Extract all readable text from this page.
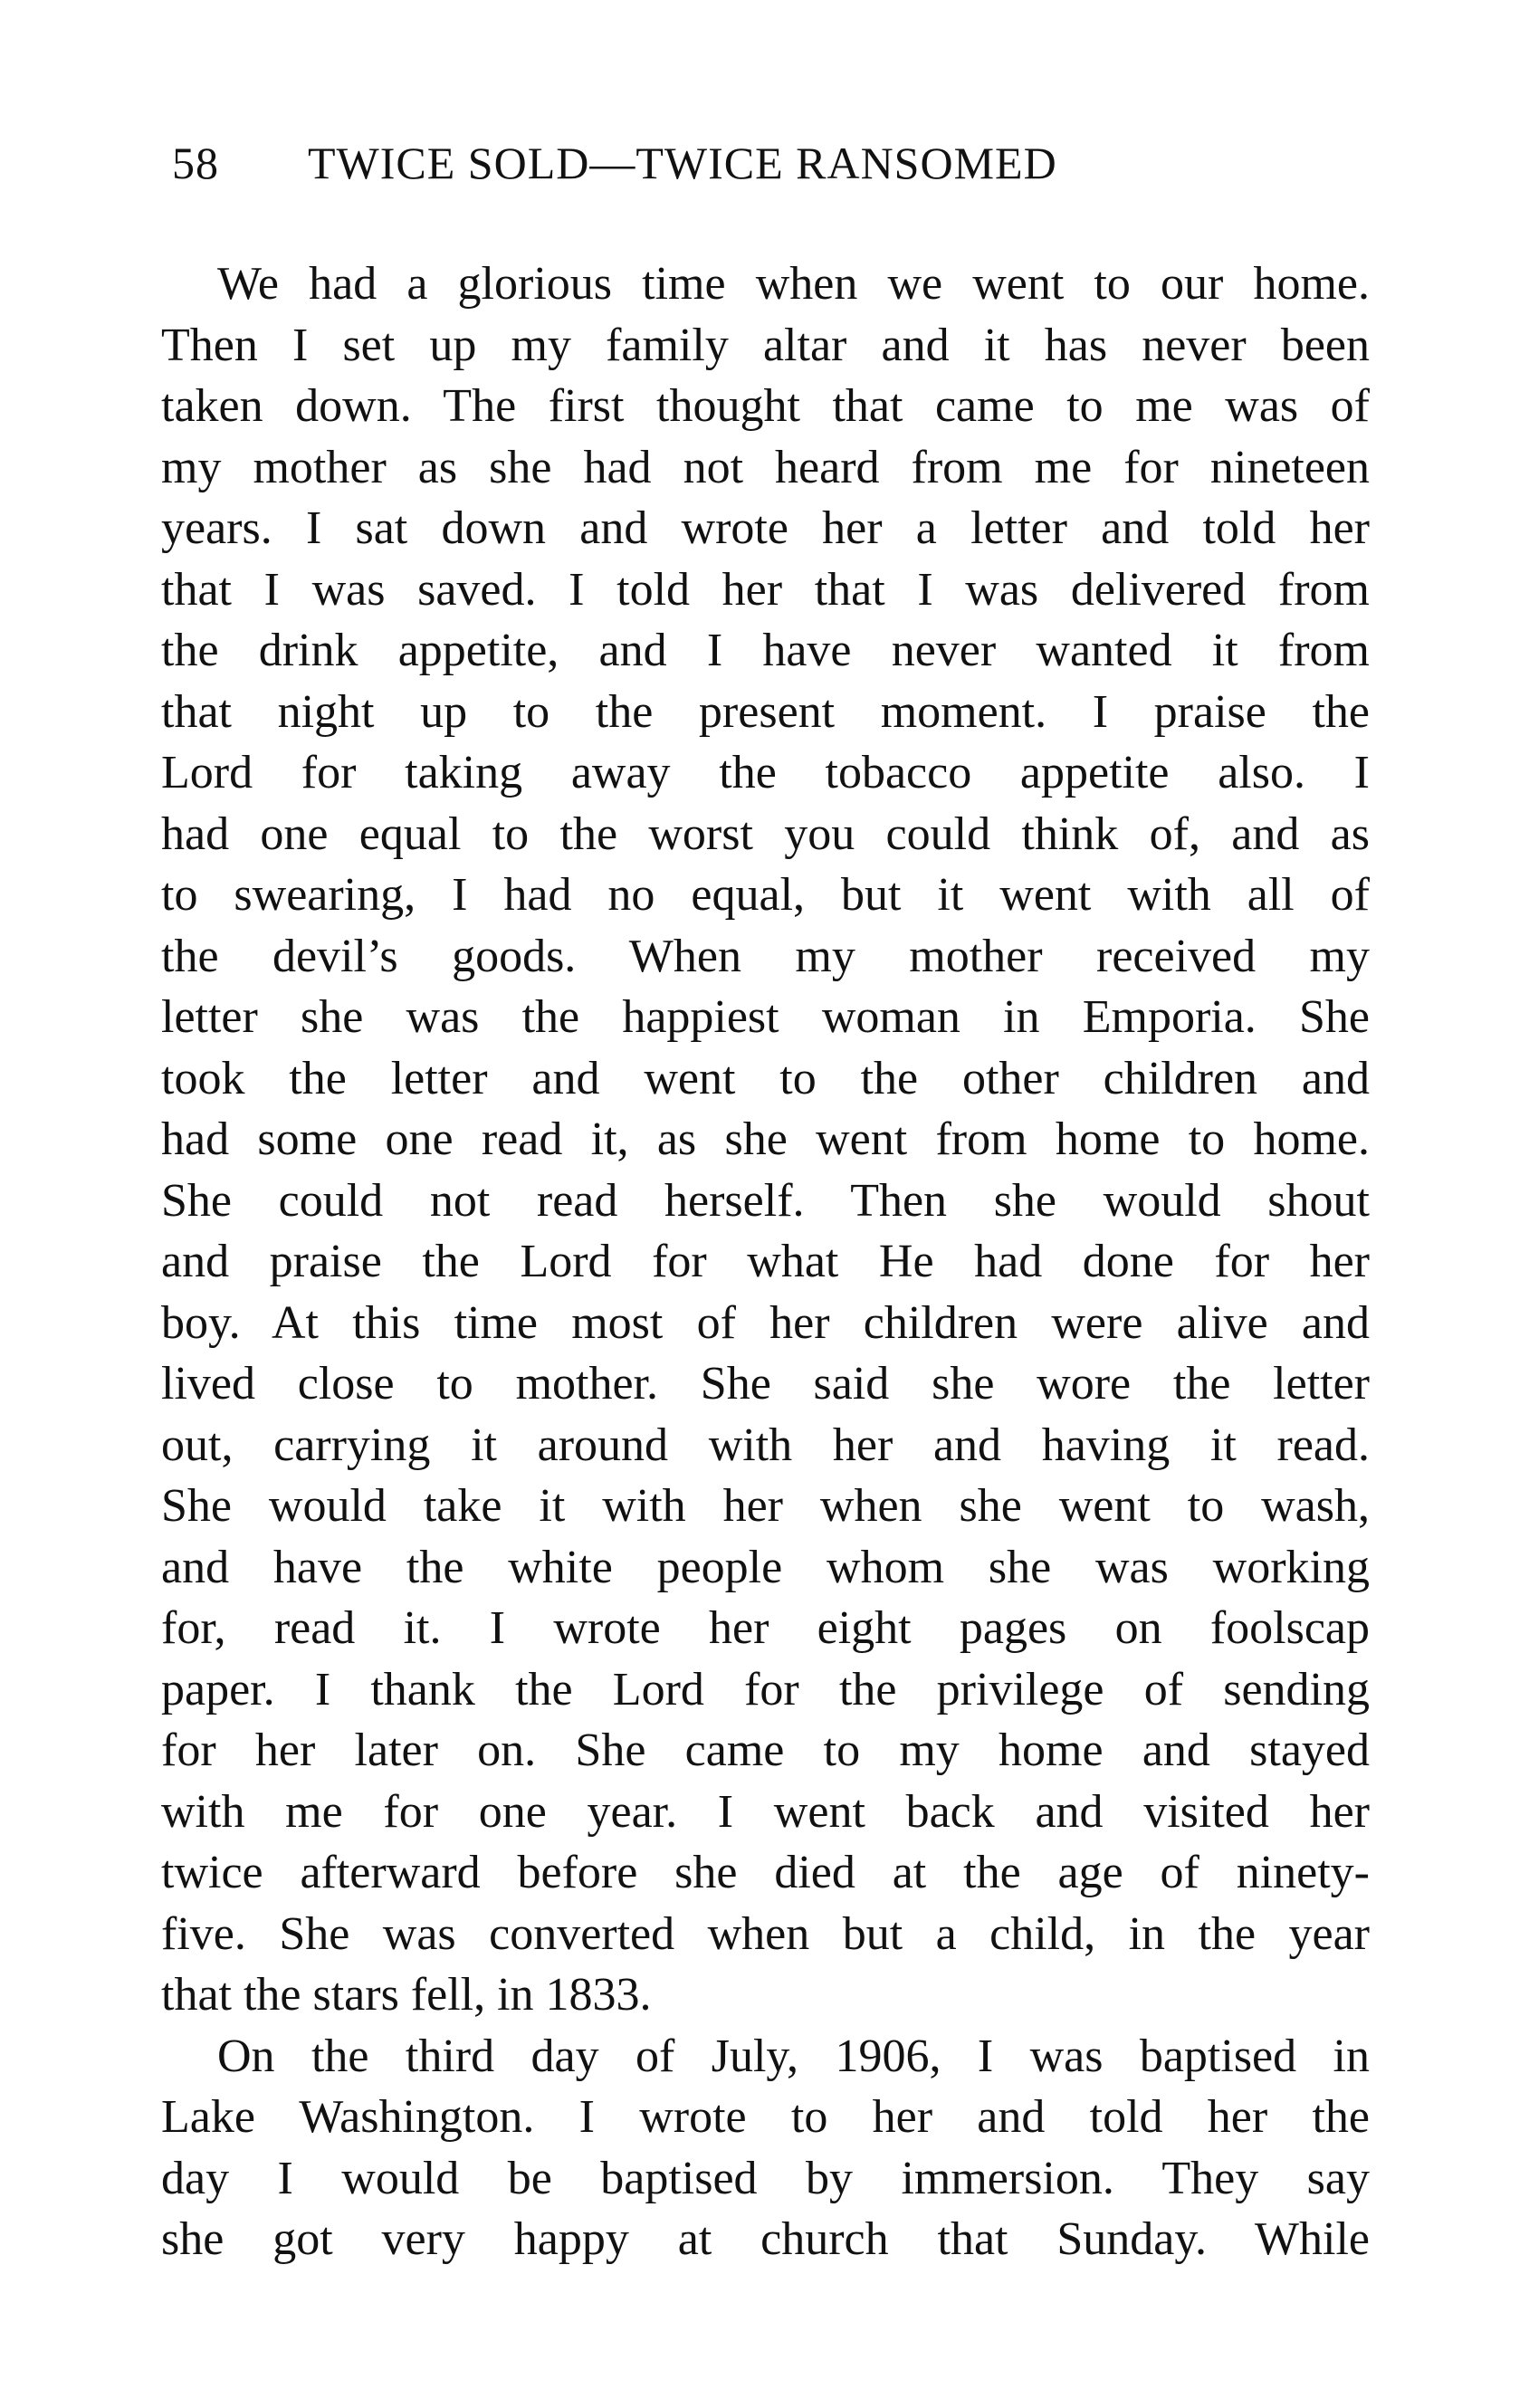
58 TWICE SOLD—TWICE RANSOMED
We had a glorious time when we went to our home.
Then I set up my family altar and it has never been
taken down. The first thought that came to me was of
my mother as she had not heard from me for nineteen
years. I sat down and wrote her a letter and told her
that I was saved. I told her that I was delivered from
the drink appetite, and I have never wanted it from
that night up to the present moment. I praise the
Lord for taking away the tobacco appetite also. I
had one equal to the worst you could think of, and as
to swearing, I had no equal, but it went with all of
the devil’s goods. When my mother received my
letter she was the happiest woman in Emporia. She
took the letter and went to the other children and
had some one read it, as she went from home to home.
She could not read herself. Then she would shout
and praise the Lord for what He had done for her
boy. At this time most of her children were alive and
lived close to mother. She said she wore the letter
out, carrying it around with her and having it read.
She would take it with her when she went to wash,
and have the white people whom she was working
for, read it. I wrote her eight pages on foolscap
paper. I thank the Lord for the privilege of sending
for her later on. She came to my home and stayed
with me for one year. I went back and visited her
twice afterward before she died at the age of ninety-
five. She was converted when but a child, in the year
that the stars fell, in 1833.
On the third day of July, 1906, I was baptised in
Lake Washington. I wrote to her and told her the
day I would be baptised by immersion. They say
she got very happy at church that Sunday. While
